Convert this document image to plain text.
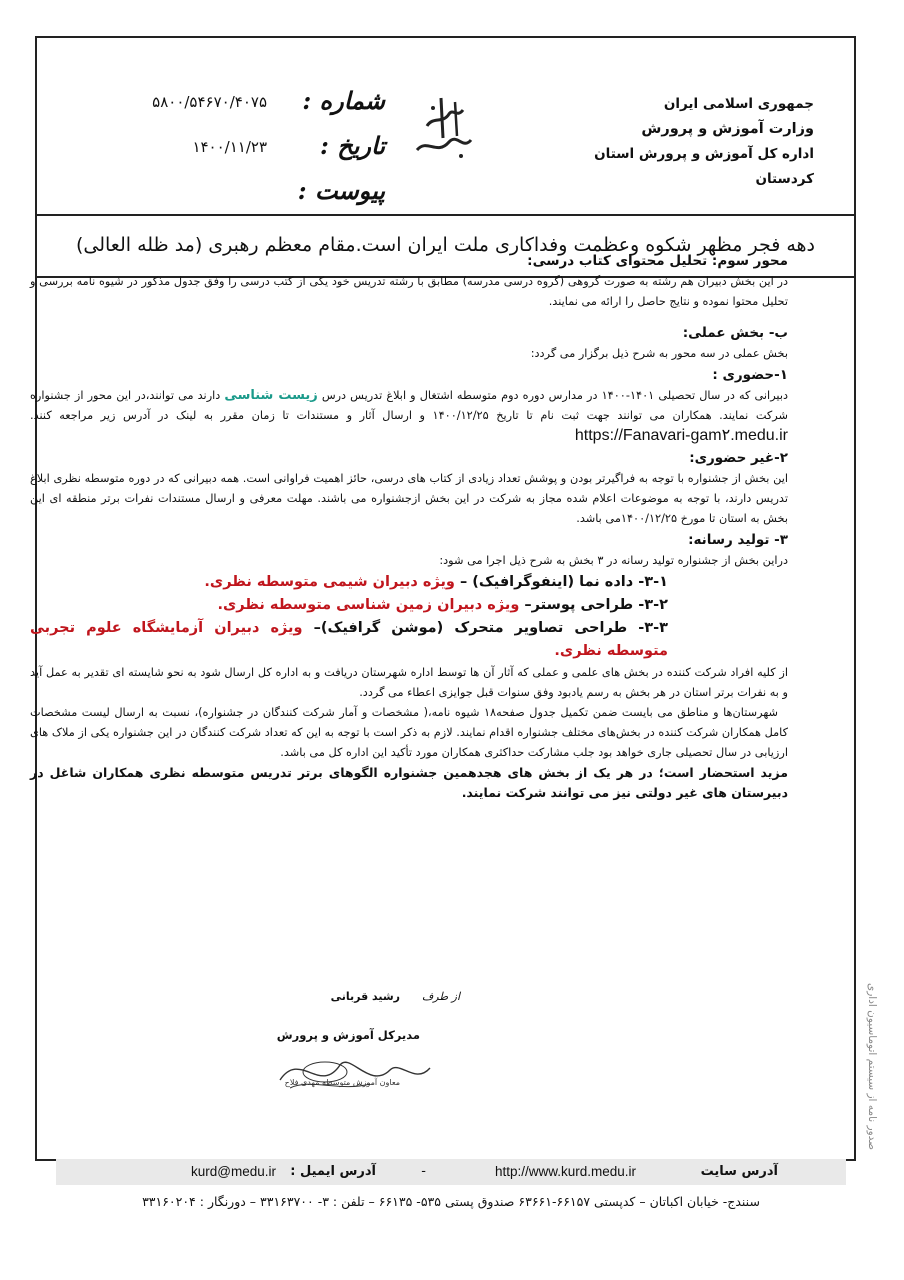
جمهوری اسلامی ایران
وزارت آموزش و پرورش
اداره کل آموزش و پرورش استان کردستان
شماره :
تاریخ :
پیوست :
۵۸۰۰/۵۴۶۷۰/۴۰۷۵
۱۴۰۰/۱۱/۲۳
دهه فجر مظهر شکوه وعظمت وفداکاری ملت ایران است.مقام معظم رهبری (مد ظله العالی)

محور سوم: تحلیل محتوای کتاب درسی:

در این بخش دبیران هم رشته به صورت گروهی (گروه درسی مدرسه) مطابق با رشته تدریس خود یکی از کتب درسی را وفق جدول مذکور در شیوه نامه بررسی و تحلیل محتوا نموده و نتایج حاصل را ارائه می نمایند.

ب- بخش عملی:

بخش عملی در سه محور به شرح ذیل برگزار می گردد:

۱-حضوری :

دبیرانی که در سال تحصیلی ۱۴۰۱-۱۴۰۰ در مدارس دوره دوم متوسطه اشتغال و ابلاغ تدریس درس زیست شناسی دارند می توانند،در این محور از جشنواره شرکت نمایند. همکاران می توانند جهت ثبت نام تا تاریخ ۱۴۰۰/۱۲/۲۵ و ارسال آثار و مستندات تا زمان مقرر به لینک در آدرس زیر مراجعه کنند. https://Fanavari-gam۲.medu.ir

۲-غیر حضوری:

این بخش از جشنواره با توجه به فراگیرتر بودن و پوشش تعداد زیادی از کتاب های درسی، حائز اهمیت فراوانی است. همه دبیرانی که در دوره متوسطه نظری ابلاغ تدریس دارند، با توجه به موضوعات اعلام شده مجاز به شرکت در این بخش ازجشنواره می باشند. مهلت معرفی و ارسال مستندات نفرات برتر منطقه ای این بخش به استان تا مورخ ۱۴۰۰/۱۲/۲۵می باشد.

۳- تولید رسانه:

دراین بخش از جشنواره تولید رسانه در ۳ بخش به شرح ذیل اجرا می شود:

۳-۱- داده نما (اینفوگرافیک) – ویژه دبیران شیمی متوسطه نظری.

۳-۲- طراحی پوستر– ویژه دبیران زمین شناسی متوسطه نظری.

۳-۳- طراحی تصاویر متحرک (موشن گرافیک)– ویژه دبیران آزمایشگاه علوم تجربی متوسطه نظری.

از کلیه افراد شرکت کننده در بخش های علمی و عملی که آثار آن ها توسط اداره شهرستان دریافت و به اداره کل ارسال شود به نحو شایسته ای تقدیر به عمل آید و به نفرات برتر استان در هر بخش به رسم یادبود وفق سنوات قبل جوایزی اعطاء می گردد.

شهرستان‌ها و مناطق می بایست ضمن تکمیل جدول صفحه۱۸ شیوه نامه،( مشخصات و آمار شرکت کنندگان در جشنواره)، نسبت به ارسال لیست مشخصات کامل همکاران شرکت کننده در بخش‌های مختلف جشنواره اقدام نمایند. لازم به ذکر است با توجه به این که تعداد شرکت کنندگان در این جشنواره یکی از ملاک های ارزیابی در سال تحصیلی جاری خواهد بود جلب مشارکت حداکثری همکاران مورد تأکید این اداره کل می باشد.

مزید استحضار است؛ در هر یک از بخش های هجدهمین جشنواره الگوهای برتر تدریس متوسطه نظری همکاران شاغل در دبیرستان های غیر دولتی نیز می توانند شرکت نمایند.

از طرف
رشید قربانی
مدیرکل آموزش و پرورش
معاون آموزش متوسطه مهدی فلاح
آدرس سایت
http://www.kurd.medu.ir
-
آدرس ایمیل :
kurd@medu.ir
سنندج- خیابان اکباتان – کدپستی ۶۶۱۵۷-۶۳۶۶۱ صندوق پستی ۵۳۵- ۶۶۱۳۵ – تلفن : ۳- ۳۳۱۶۳۷۰۰ – دورنگار : ۳۳۱۶۰۲۰۴
صدور نامه از سیستم اتوماسیون اداری
